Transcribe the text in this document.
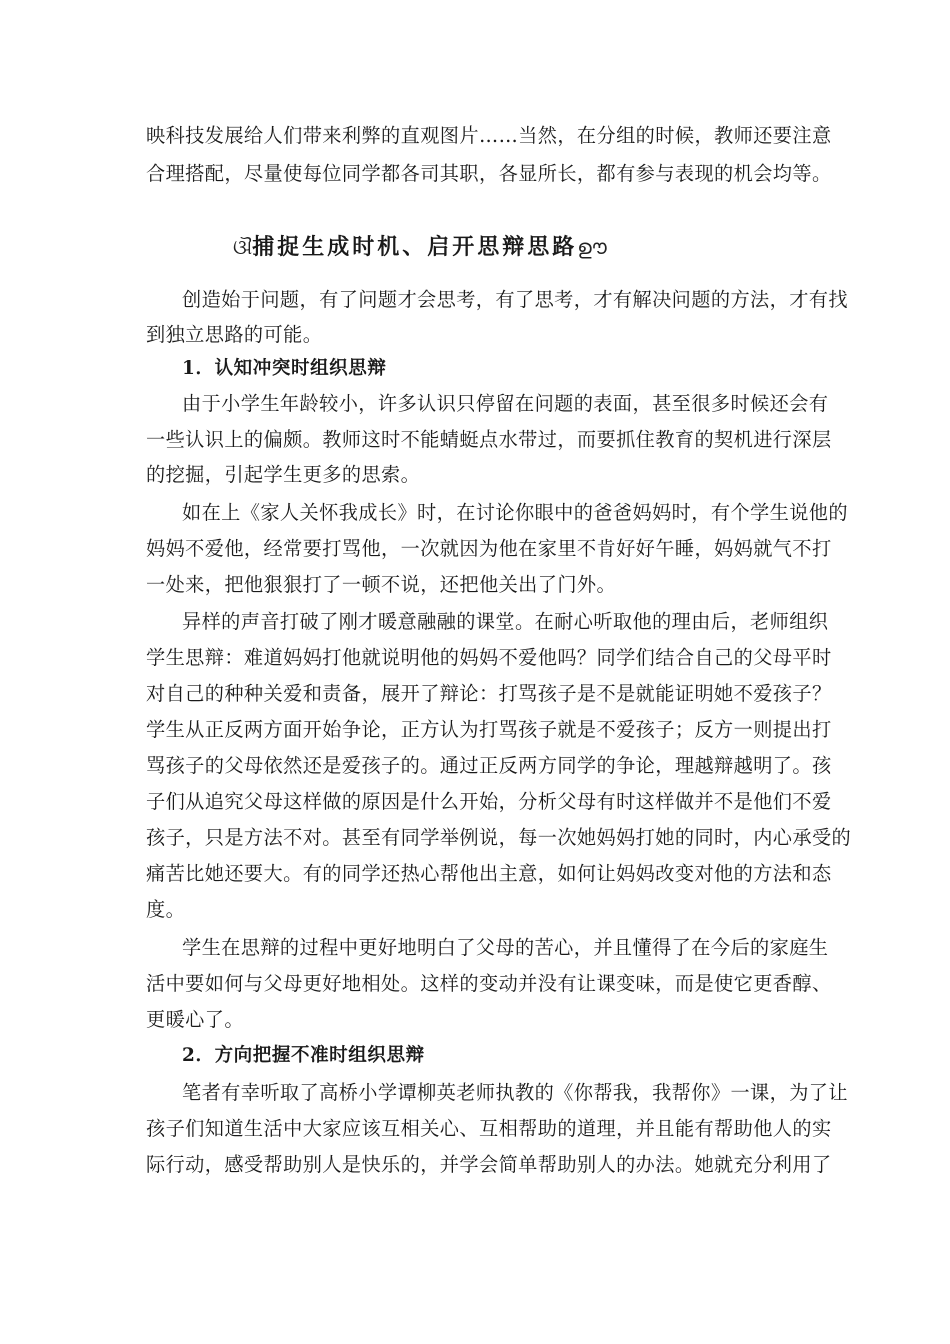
映科技发展给人们带来利弊的直观图片……当然，在分组的时候，教师还要注意
合理搭配，尽量使每位同学都各司其职，各显所长，都有参与表现的机会均等。
ଔ捕捉生成时机、启开思辩思路ഊ
创造始于问题，有了问题才会思考，有了思考，才有解决问题的方法，才有找
到独立思路的可能。
1．认知冲突时组织思辩
由于小学生年龄较小，许多认识只停留在问题的表面，甚至很多时候还会有
一些认识上的偏颇。教师这时不能蜻蜓点水带过，而要抓住教育的契机进行深层
的挖掘，引起学生更多的思索。
如在上《家人关怀我成长》时，在讨论你眼中的爸爸妈妈时，有个学生说他的
妈妈不爱他，经常要打骂他，一次就因为他在家里不肯好好午睡，妈妈就气不打
一处来，把他狠狠打了一顿不说，还把他关出了门外。
异样的声音打破了刚才暖意融融的课堂。在耐心听取他的理由后，老师组织
学生思辩：难道妈妈打他就说明他的妈妈不爱他吗？同学们结合自己的父母平时
对自己的种种关爱和责备，展开了辩论：打骂孩子是不是就能证明她不爱孩子？
学生从正反两方面开始争论，正方认为打骂孩子就是不爱孩子；反方一则提出打
骂孩子的父母依然还是爱孩子的。通过正反两方同学的争论，理越辩越明了。孩
子们从追究父母这样做的原因是什么开始，分析父母有时这样做并不是他们不爱
孩子，只是方法不对。甚至有同学举例说，每一次她妈妈打她的同时，内心承受的
痛苦比她还要大。有的同学还热心帮他出主意，如何让妈妈改变对他的方法和态
度。
学生在思辩的过程中更好地明白了父母的苦心，并且懂得了在今后的家庭生
活中要如何与父母更好地相处。这样的变动并没有让课变味，而是使它更香醇、
更暖心了。
2．方向把握不准时组织思辩
笔者有幸听取了高桥小学谭柳英老师执教的《你帮我，我帮你》一课，为了让
孩子们知道生活中大家应该互相关心、互相帮助的道理，并且能有帮助他人的实
际行动，感受帮助别人是快乐的，并学会简单帮助别人的办法。她就充分利用了
